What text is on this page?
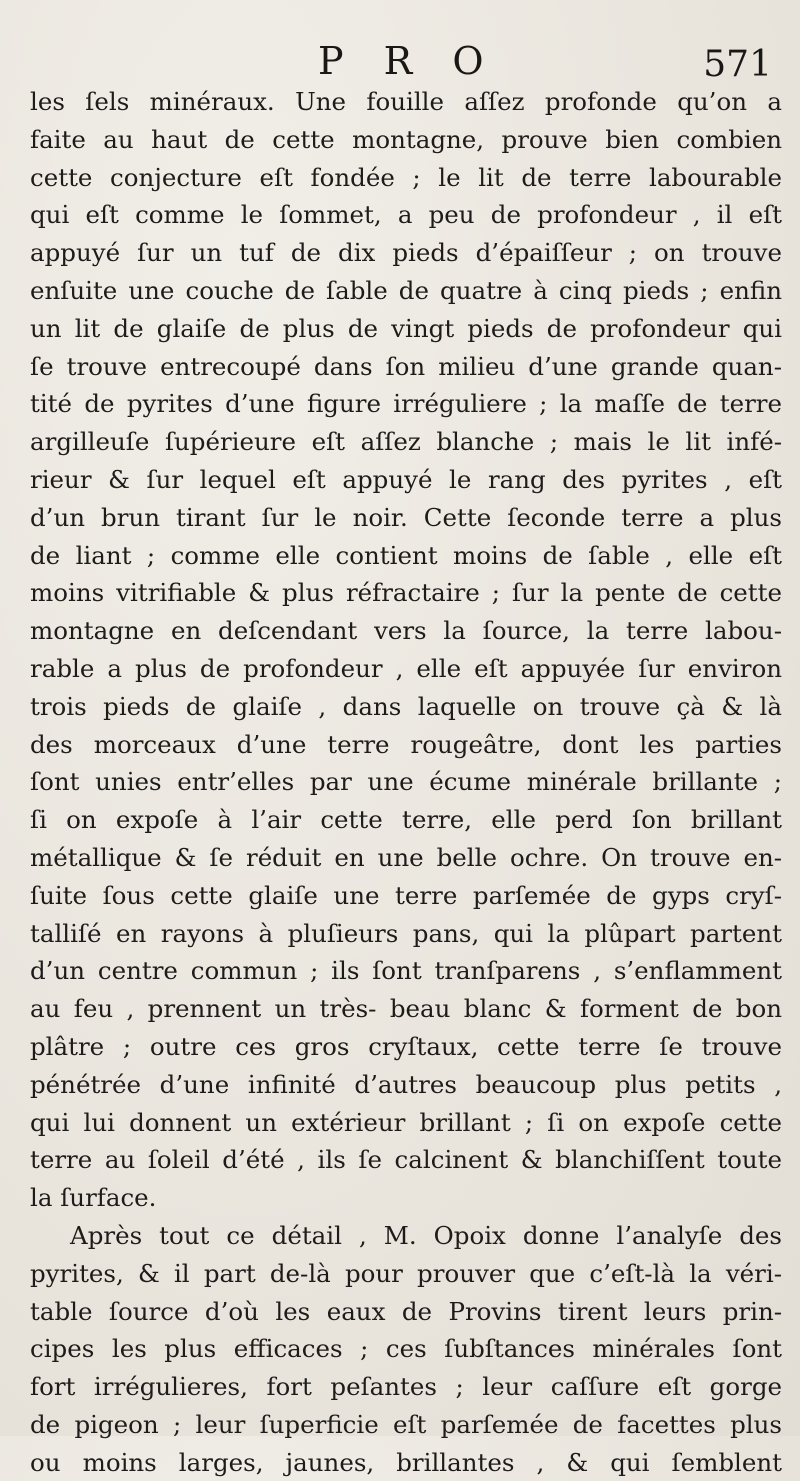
P R O	571
les ſels minéraux. Une fouille aſſez profonde qu’on a
faite au haut de cette montagne, prouve bien combien
cette conjecture eſt fondée ; le lit de terre labourable
qui eſt comme le ſommet, a peu de profondeur , il eſt
appuyé ſur un tuf de dix pieds d’épaiſſeur ; on trouve
enſuite une couche de ſable de quatre à cinq pieds ; enfin
un lit de glaiſe de plus de vingt pieds de profondeur qui
ſe trouve entrecoupé dans ſon milieu d’une grande quan-
tité de pyrites d’une figure irréguliere ; la maſſe de terre
argilleuſe ſupérieure eſt aſſez blanche ; mais le lit infé-
rieur & ſur lequel eſt appuyé le rang des pyrites , eſt
d’un brun tirant ſur le noir. Cette ſeconde terre a plus
de liant ; comme elle contient moins de ſable , elle eſt
moins vitrifiable & plus réfractaire ; ſur la pente de cette
montagne en deſcendant vers la ſource, la terre labou-
rable a plus de profondeur , elle eſt appuyée ſur environ
trois pieds de glaiſe , dans laquelle on trouve çà & là
des morceaux d’une terre rougeâtre, dont les parties
ſont unies entr’elles par une écume minérale brillante ;
ſi on expoſe à l’air cette terre, elle perd ſon brillant
métallique & ſe réduit en une belle ochre. On trouve en-
ſuite ſous cette glaiſe une terre parſemée de gyps cryſ-
talliſé en rayons à pluſieurs pans, qui la plûpart partent
d’un centre commun ; ils ſont tranſparens , s’enflamment
au feu , prennent un très- beau blanc & forment de bon
plâtre ; outre ces gros cryſtaux, cette terre ſe trouve
pénétrée d’une infinité d’autres beaucoup plus petits ,
qui lui donnent un extérieur brillant ; ſi on expoſe cette
terre au ſoleil d’été , ils ſe calcinent & blanchiſſent toute
la ſurface.
Après tout ce détail , M. Opoix donne l’analyſe des
pyrites, & il part de-là pour prouver que c’eſt-là la véri-
table ſource d’où les eaux de Provins tirent leurs prin-
cipes les plus efficaces ; ces ſubſtances minérales ſont
fort irrégulieres, fort peſantes ; leur caſſure eſt gorge
de pigeon ; leur ſuperficie eſt parſemée de facettes plus
ou moins larges, jaunes, brillantes , & qui ſemblent
